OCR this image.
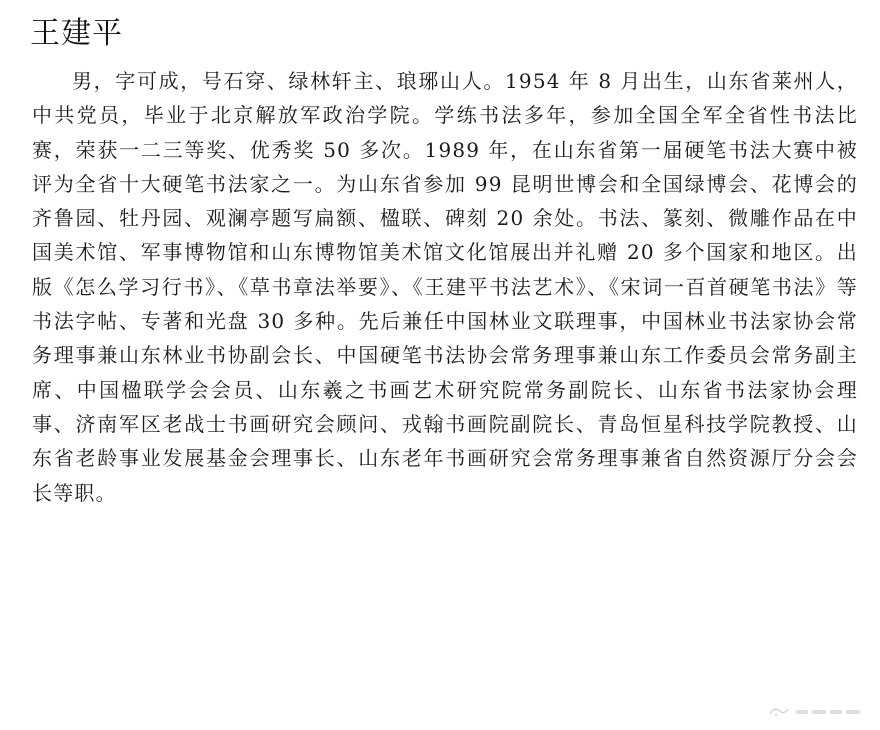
王建平

男，字可成，号石穿、绿林轩主、琅琊山人。1954 年 8 月出生，山东省莱州人，中共党员，毕业于北京解放军政治学院。学练书法多年，参加全国全军全省性书法比赛，荣获一二三等奖、优秀奖 50 多次。1989 年，在山东省第一届硬笔书法大赛中被评为全省十大硬笔书法家之一。为山东省参加 99 昆明世博会和全国绿博会、花博会的齐鲁园、牡丹园、观澜亭题写扁额、楹联、碑刻 20 余处。书法、篆刻、微雕作品在中国美术馆、军事博物馆和山东博物馆美术馆文化馆展出并礼赠 20 多个国家和地区。出版《怎么学习行书》、《草书章法举要》、《王建平书法艺术》、《宋词一百首硬笔书法》等书法字帖、专著和光盘 30 多种。先后兼任中国林业文联理事，中国林业书法家协会常务理事兼山东林业书协副会长、中国硬笔书法协会常务理事兼山东工作委员会常务副主席、中国楹联学会会员、山东羲之书画艺术研究院常务副院长、山东省书法家协会理事、济南军区老战士书画研究会顾问、戎翰书画院副院长、青岛恒星科技学院教授、山东省老龄事业发展基金会理事长、山东老年书画研究会常务理事兼省自然资源厅分会会长等职。
